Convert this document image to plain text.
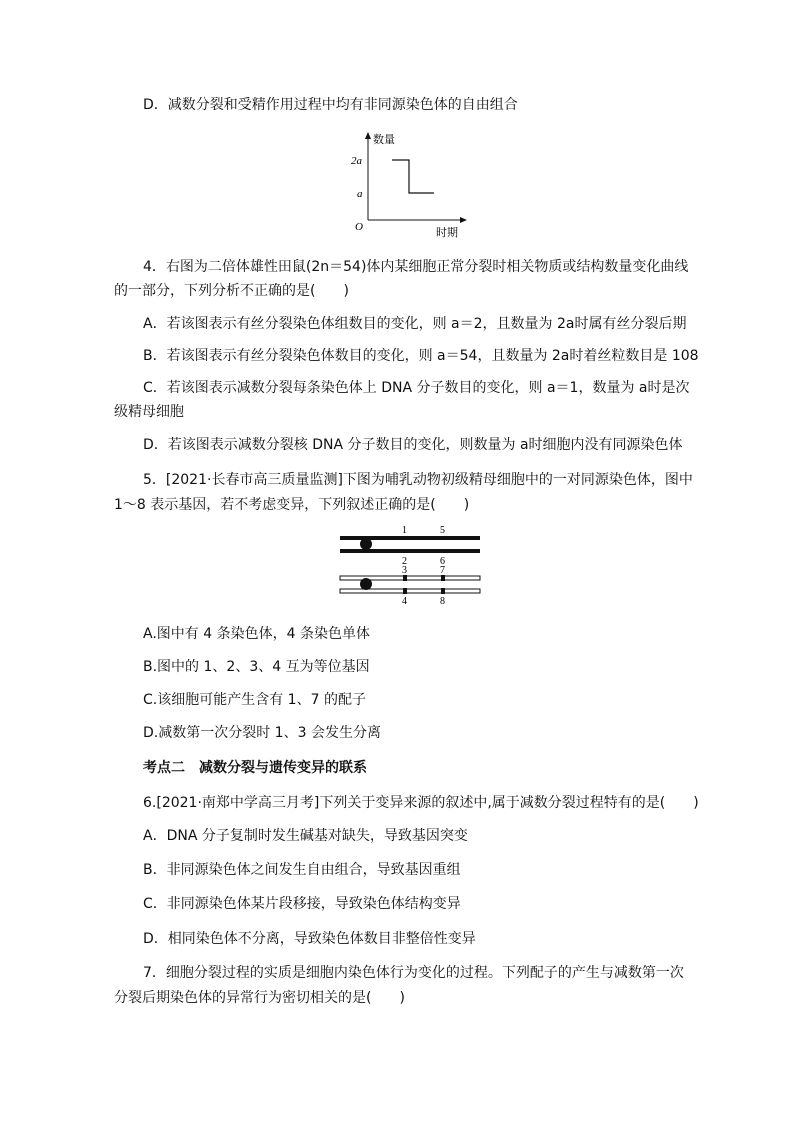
D．减数分裂和受精作用过程中均有非同源染色体的自由组合
数量
2a
a
O	时期
4．右图为二倍体雄性田鼠(2n＝54)体内某细胞正常分裂时相关物质或结构数量变化曲线
的一部分，下列分析不正确的是(　　)
A．若该图表示有丝分裂染色体组数目的变化，则 a＝2，且数量为 2a时属有丝分裂后期
B．若该图表示有丝分裂染色体数目的变化，则 a＝54，且数量为 2a时着丝粒数目是 108
C．若该图表示减数分裂每条染色体上 DNA 分子数目的变化，则 a＝1，数量为 a时是次
级精母细胞
D．若该图表示减数分裂核 DNA 分子数目的变化，则数量为 a时细胞内没有同源染色体
5．[2021·长春市高三质量监测]下图为哺乳动物初级精母细胞中的一对同源染色体，图中
1～8 表示基因，若不考虑变异，下列叙述正确的是(　　)
1	5
2	6
3	7
4	8
A.图中有 4 条染色体，4 条染色单体
B.图中的 1、2、3、4 互为等位基因
C.该细胞可能产生含有 1、7 的配子
D.减数第一次分裂时 1、3 会发生分离
考点二　减数分裂与遗传变异的联系
6.[2021·南郑中学高三月考]下列关于变异来源的叙述中,属于减数分裂过程特有的是(　　)
A．DNA 分子复制时发生碱基对缺失，导致基因突变
B．非同源染色体之间发生自由组合，导致基因重组
C．非同源染色体某片段移接，导致染色体结构变异
D．相同染色体不分离，导致染色体数目非整倍性变异
7．细胞分裂过程的实质是细胞内染色体行为变化的过程。下列配子的产生与减数第一次
分裂后期染色体的异常行为密切相关的是(　　)
